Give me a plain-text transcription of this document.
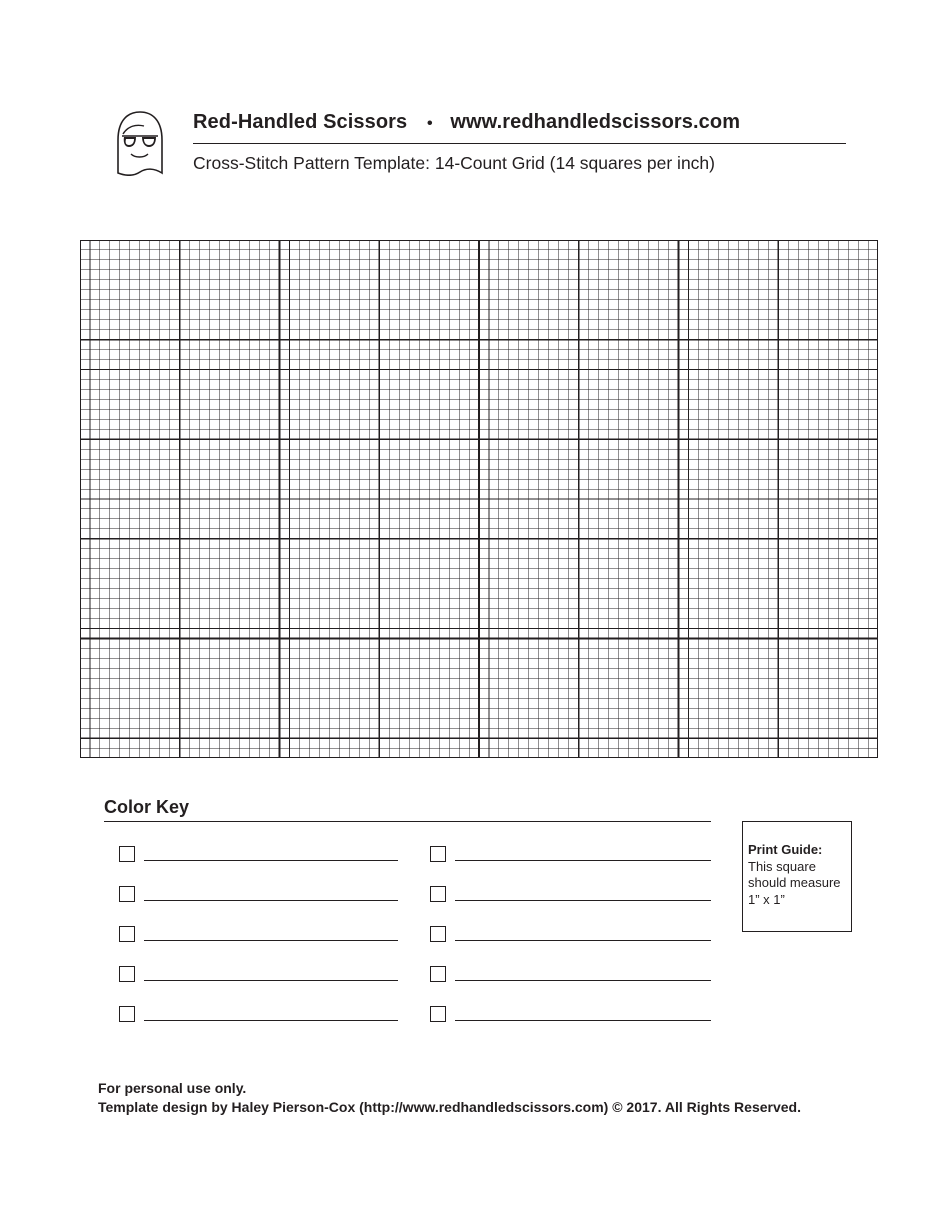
Red-Handled Scissors • www.redhandledscissors.com
Cross-Stitch Pattern Template: 14-Count Grid (14 squares per inch)
Color Key
Print Guide:
This square should measure 1” x 1”
For personal use only.
Template design by Haley Pierson-Cox (http://www.redhandledscissors.com) © 2017. All Rights Reserved.
